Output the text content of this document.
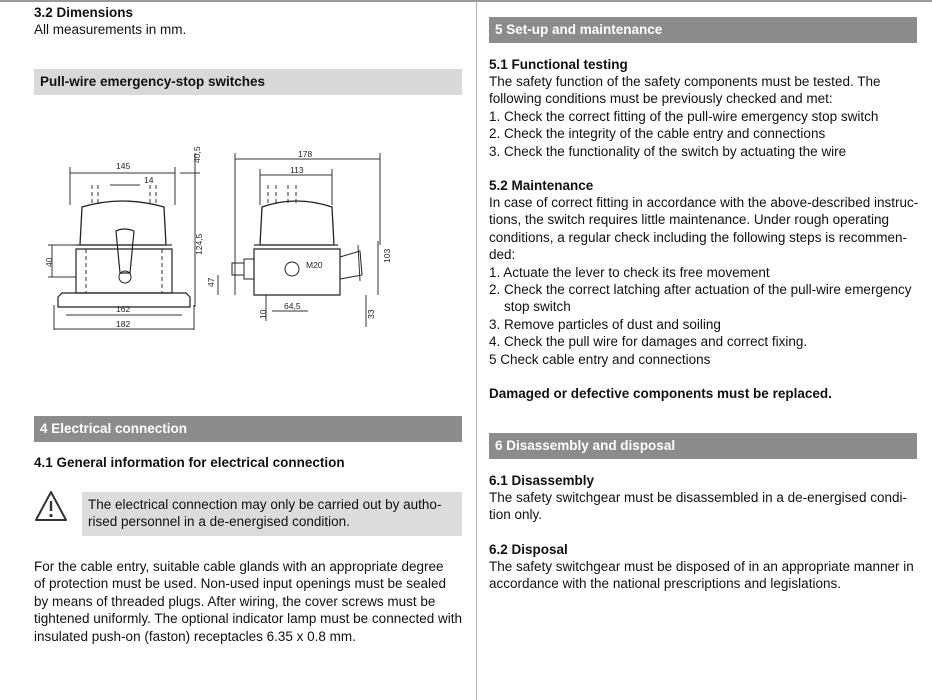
3.2 Dimensions
All measurements in mm.
Pull-wire emergency-stop switches
145
14
40
162
182
178
113
M20
64,5
10	33
103
47
40,5
124,5
4 Electrical connection
4.1 General information for electrical connection
The electrical connection may only be carried out by autho-
rised personnel in a de-energised condition.
For the cable entry, suitable cable glands with an appropriate degree
of protection must be used. Non-used input openings must be sealed
by means of threaded plugs. After wiring, the cover screws must be
tightened uniformly. The optional indicator lamp must be connected with
insulated push-on (faston) receptacles 6.35 x 0.8 mm.
5 Set-up and maintenance
5.1 Functional testing
The safety function of the safety components must be tested. The
following conditions must be previously checked and met:
1. Check the correct fitting of the pull-wire emergency stop switch
2. Check the integrity of the cable entry and connections
3. Check the functionality of the switch by actuating the wire
5.2 Maintenance
In case of correct fitting in accordance with the above-described instruc-
tions, the switch requires little maintenance. Under rough operating
conditions, a regular check including the following steps is recommen-
ded:
1. Actuate the lever to check its free movement
2. Check the correct latching after actuation of the pull-wire emergency
stop switch
3. Remove particles of dust and soiling
4. Check the pull wire for damages and correct fixing.
5 Check cable entry and connections
Damaged or defective components must be replaced.
6 Disassembly and disposal
6.1 Disassembly
The safety switchgear must be disassembled in a de-energised condi-
tion only.
6.2 Disposal
The safety switchgear must be disposed of in an appropriate manner in
accordance with the national prescriptions and legislations.
